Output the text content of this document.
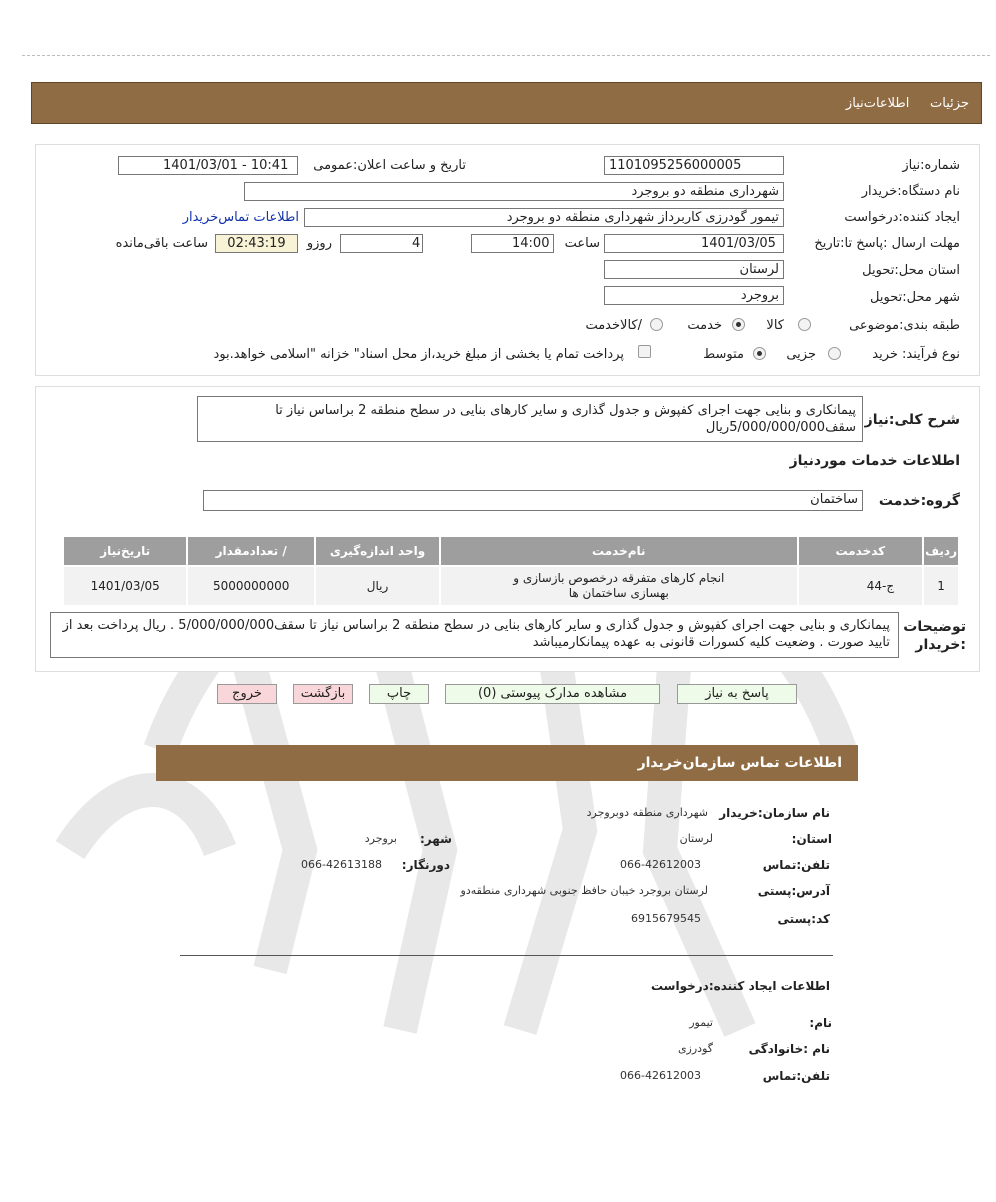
جزئیات     اطلاعات‌نیاز
شماره:نیاز
1101095256000005
تاریخ و ساعت اعلان:عمومی
1401/03/01 - 10:41
نام دستگاه:خریدار
شهرداری منطقه دو بروجرد
ایجاد کننده:درخواست
تیمور گودرزی کاربرداز شهرداری منطقه دو بروجرد
اطلاعات تماس‌خریدار
مهلت ارسال :پاسخ تا:تاریخ
1401/03/05
ساعت
14:00
4
روزو
02:43:19
ساعت باقی‌مانده
استان محل:تحویل
لرستان
شهر محل:تحویل
بروجرد
طبقه بندی:موضوعی
کالا
خدمت
/کالاخدمت
نوع فرآیند: خرید
جزیی
متوسط
پرداخت تمام یا بخشی از مبلغ خرید،از محل اسناد" خزانه "اسلامی خواهد.بود
شرح کلی:نیاز
پیمانکاری و بنایی جهت اجرای کفپوش و جدول گذاری و سایر کارهای بنایی در سطح منطقه 2 براساس نیاز تا سقف5/000/000/000ریال
اطلاعات خدمات موردنیاز
گروه:خدمت
ساختمان
ردیف	کدخدمت	نام‌خدمت	واحد اندازه‌گیری	/ تعدادمقدار	تاریخ‌نیاز
1	ج-44	انجام کارهای متفرقه درخصوص بازسازی و بهسازی ساختمان ها	ریال	5000000000	1401/03/05
توضیحات :خریدار
پیمانکاری و بنایی جهت اجرای کفپوش و جدول گذاری و سایر کارهای بنایی در سطح منطقه 2 براساس نیاز تا سقف5/000/000/000 . ریال پرداخت بعد از تایید صورت . وضعیت کلیه کسورات قانونی به عهده پیمانکارمیباشد
پاسخ به نیاز
مشاهده مدارک پیوستی (0)
چاپ
بازگشت
خروج
اطلاعات تماس سازمان‌خریدار
نام سازمان:خریدار
شهرداری منطقه دوبروجرد
استان:
لرستان
شهر:
بروجرد
تلفن:تماس
066-42612003
دورنگار:
066-42613188
آدرس:پستی
لرستان بروجرد خیبان حافظ جنوبی شهرداری منطقه‌دو
کد:پستی
6915679545
اطلاعات ایجاد کننده:درخواست
نام:
تیمور
نام :خانوادگی
گودرزی
تلفن:تماس
066-42612003
